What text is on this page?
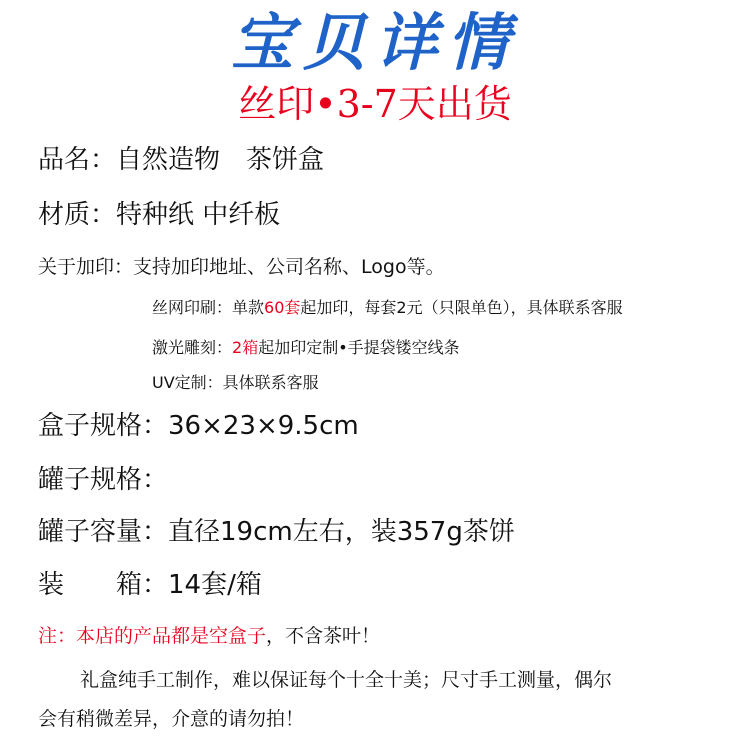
宝贝详情
丝印•3-7天出货
品名：自然造物　茶饼盒
材质：特种纸 中纤板
关于加印：支持加印地址、公司名称、Logo等。
丝网印刷：单款60套起加印，每套2元（只限单色），具体联系客服
激光雕刻：2箱起加印定制•手提袋镂空线条
UV定制：具体联系客服
盒子规格：36×23×9.5cm
罐子规格：
罐子容量：直径19cm左右，装357g茶饼
装　　箱：14套/箱
注：本店的产品都是空盒子，不含茶叶！
礼盒纯手工制作，难以保证每个十全十美；尺寸手工测量，偶尔
会有稍微差异，介意的请勿拍！
